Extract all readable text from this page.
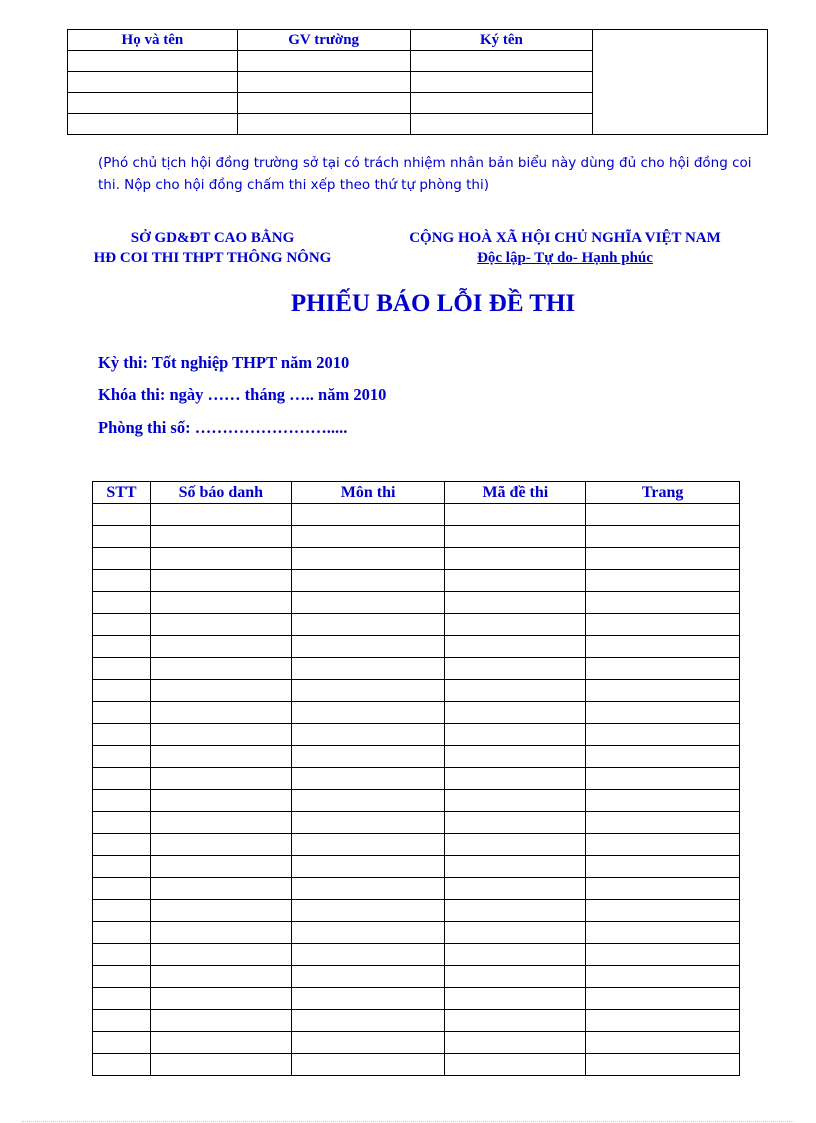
Họ và tên	GV trường	Ký tên	

(Phó chủ tịch hội đồng trường sở tại có trách nhiệm nhân bản biểu này dùng đủ cho hội đồng coi thi. Nộp cho hội đồng chấm thi xếp theo thứ tự phòng thi)
SỞ GD&ĐT CAO BẰNG
HĐ COI THI THPT THÔNG NÔNG
CỘNG HOÀ XÃ HỘI CHỦ NGHĨA VIỆT NAM
Độc lập- Tự do- Hạnh phúc
PHIẾU BÁO LỖI ĐỀ THI
Kỳ thi: Tốt nghiệp THPT năm 2010
Khóa thi: ngày …… tháng ….. năm 2010
Phòng thi số: …………………….....
STT	Số báo danh	Môn thi	Mã đề thi	Trang
